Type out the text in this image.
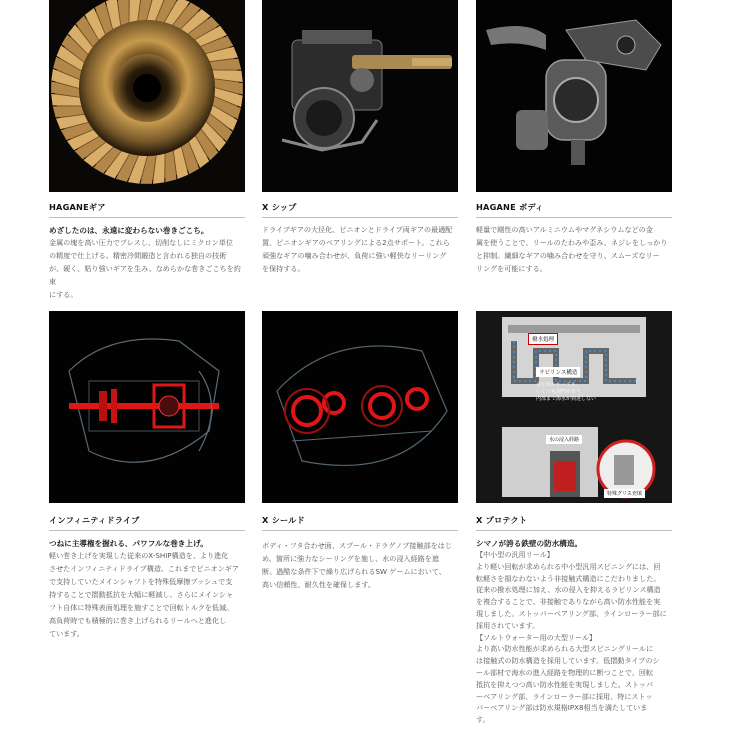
HAGANEギア
めざしたのは、永遠に変わらない巻きごこち。
金属の塊を高い圧力でプレスし、切削なしにミクロン単位
の精度で仕上げる。精密冷間鍛造と言われる独自の技術
が、硬く、粘り強いギアを生み、なめらかな巻きごこちを約束
にする。
X シップ
ドライブギアの大径化、ピニオンとドライブ両ギアの最適配
置、ピニオンギアのベアリングによる2点サポート。これら
頑強なギアの噛み合わせが、負荷に強い軽快なリーリング
を保持する。
HAGANE ボディ
軽量で剛性の高いアルミニウムやマグネシウムなどの金
属を使うことで、リールのたわみや歪み、ネジレをしっかり
と抑制。繊細なギアの噛み合わせを守り、スムーズなリー
リングを可能にする。
撥水処理
水の浸入経路
ラビリンス構造
水圧がかかっても、
いくつも関門があり
内部まで海水が到達しない
特殊グリス充填
インフィニティドライブ
つねに主導権を握れる、パワフルな巻き上げ。
軽い巻き上げを実現した従来のX-SHIP構造を、より進化
させたインフィニティドライブ構造。これまでピニオンギア
で支持していたメインシャフトを特殊低摩擦ブッシュで支
持することで摺動抵抗を大幅に軽減し、さらにメインシャ
フト自体に特殊表面処理を施すことで回転トルクを低減。
高負荷時でも積極的に巻き上げられるリールへと進化し
ています。
X シールド
ボディ・フタ合わせ面、スプール・ドラグノブ接触部をはじ
め、箇所に強力なシーリングを施し、水の浸入経路を遮
断。過酷な条件下で繰り広げられるSW ゲームにおいて、
高い信頼性、耐久性を確保します。
X プロテクト
シマノが誇る鉄壁の防水構造。
【中小型の汎用リール】
より軽い回転が求められる中小型汎用スピニングには、回
転軽さを損なわないよう非接触式構造にこだわりました。
従来の撥水処理に加え、水の侵入を抑えるラビリンス構造
を複合することで、非接触でありながら高い防水性能を実
現しました。ストッパーベアリング部、ラインローラー部に
採用されています。
【ソルトウォーター用の大型リール】
より高い防水性能が求められる大型スピニングリールに
は接触式の防水構造を採用しています。低摺動タイプのシ
ール部材で海水の進入経路を物理的に断つことで、回転
抵抗を抑えつつ高い防水性能を実現しました。ストッパ
ーベアリング部、ラインローラー部に採用、特にストッ
パーベアリング部は防水規格IPX8相当を満たしていま
す。
